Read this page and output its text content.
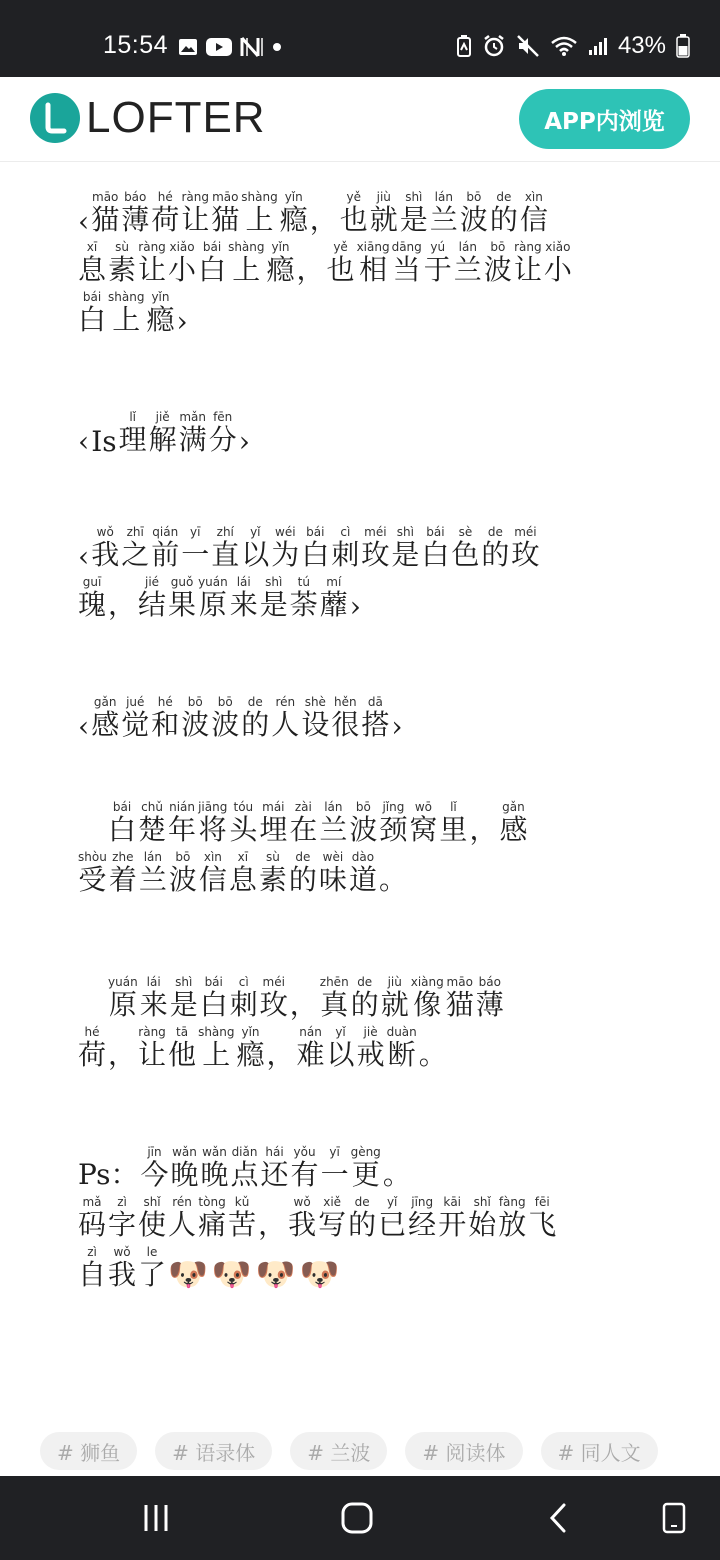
15:54	43%
LOFTER	APP内浏览
‹ 猫māo
薄báo
荷hé
让ràng
猫māo
上shàng
瘾yǐn
， 也yě
就jiù
是shì
兰lán
波bō
的de
信xìn
息xī
素sù
让ràng
小xiǎo
白bái
上shàng
瘾yǐn
， 也yě
相xiāng
当dāng
于yú
兰lán
波bō
让ràng
小xiǎo
白bái
上shàng
瘾yǐn
›
‹ Is 理lǐ
解jiě
满mǎn
分fēn
›
‹ 我wǒ
之zhī
前qián
一yī
直zhí
以yǐ
为wéi
白bái
刺cì
玫méi
是shì
白bái
色sè
的de
玫méi
瑰guī
， 结jié
果guǒ
原yuán
来lái
是shì
荼tú
蘼mí
›
‹ 感gǎn
觉jué
和hé
波bō
波bō
的de
人rén
设shè
很hěn
搭dā
›

白bái
楚chǔ
年nián
将jiāng
头tóu
埋mái
在zài
兰lán
波bō
颈jǐng
窝wō
里lǐ
， 感gǎn
受shòu
着zhe
兰lán
波bō
信xìn
息xī
素sù
的de
味wèi
道dào
。

原yuán
来lái
是shì
白bái
刺cì
玫méi
， 真zhēn
的de
就jiù
像xiàng
猫māo
薄báo
荷hé
， 让ràng
他tā
上shàng
瘾yǐn
， 难nán
以yǐ
戒jiè
断duàn
。
Ps： 今jīn
晚wǎn
晚wǎn
点diǎn
还hái
有yǒu
一yī
更gèng
。
码mǎ
字zì
使shǐ
人rén
痛tòng
苦kǔ
， 我wǒ
写xiě
的de
已yǐ
经jīng
开kāi
始shǐ
放fàng
飞fēi
自zì
我wǒ
了le
🐶 🐶 🐶 🐶
# 狮鱼	# 语录体	# 兰波	# 阅读体	# 同人文
